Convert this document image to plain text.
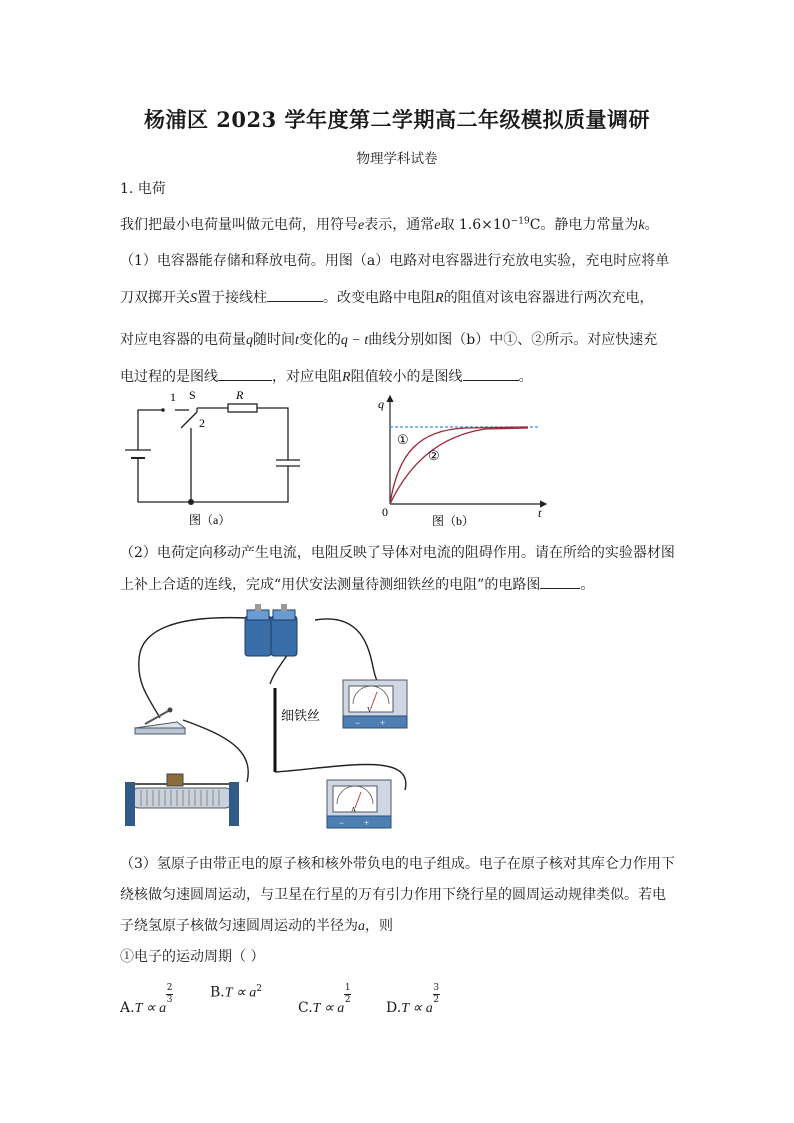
杨浦区 2023 学年度第二学期高二年级模拟质量调研
物理学科试卷
1. 电荷
我们把最小电荷量叫做元电荷，用符号e表示，通常e取 $1.6\times 10^{-19}C$。静电力常量为k。
（1）电容器能存储和释放电荷。用图（a）电路对电容器进行充放电实验，充电时应将单
刀双掷开关S置于接线柱	。改变电路中电阻R的阻值对该电容器进行两次充电，
对应电容器的电荷量q随时间t变化的q − t曲线分别如图（b）中①、②所示。对应快速充
电过程的是图线	，对应电阻R阻值较小的是图线	。
1 S
2
R
图（a）
q
t
0
①
②
图（b）
（2）电荷定向移动产生电流，电阻反映了导体对电流的阻碍作用。请在所给的实验器材图
上补上合适的连线，完成“用伏安法测量待测细铁丝的电阻”的电路图	。
细铁丝	V
− +
A
− +
（3）氢原子由带正电的原子核和核外带负电的电子组成。电子在原子核对其库仑力作用下
绕核做匀速圆周运动，与卫星在行星的万有引力作用下绕行星的圆周运动规律类似。若电
子绕氢原子核做匀速圆周运动的半径为a，则
①电子的运动周期（ ）
A.T ∝ a
$\frac{2}{3}$	$B.T \propto a^2$
C.T ∝ a
$\frac{1}{2}$
D.T ∝ a
$\frac{3}{2}$
